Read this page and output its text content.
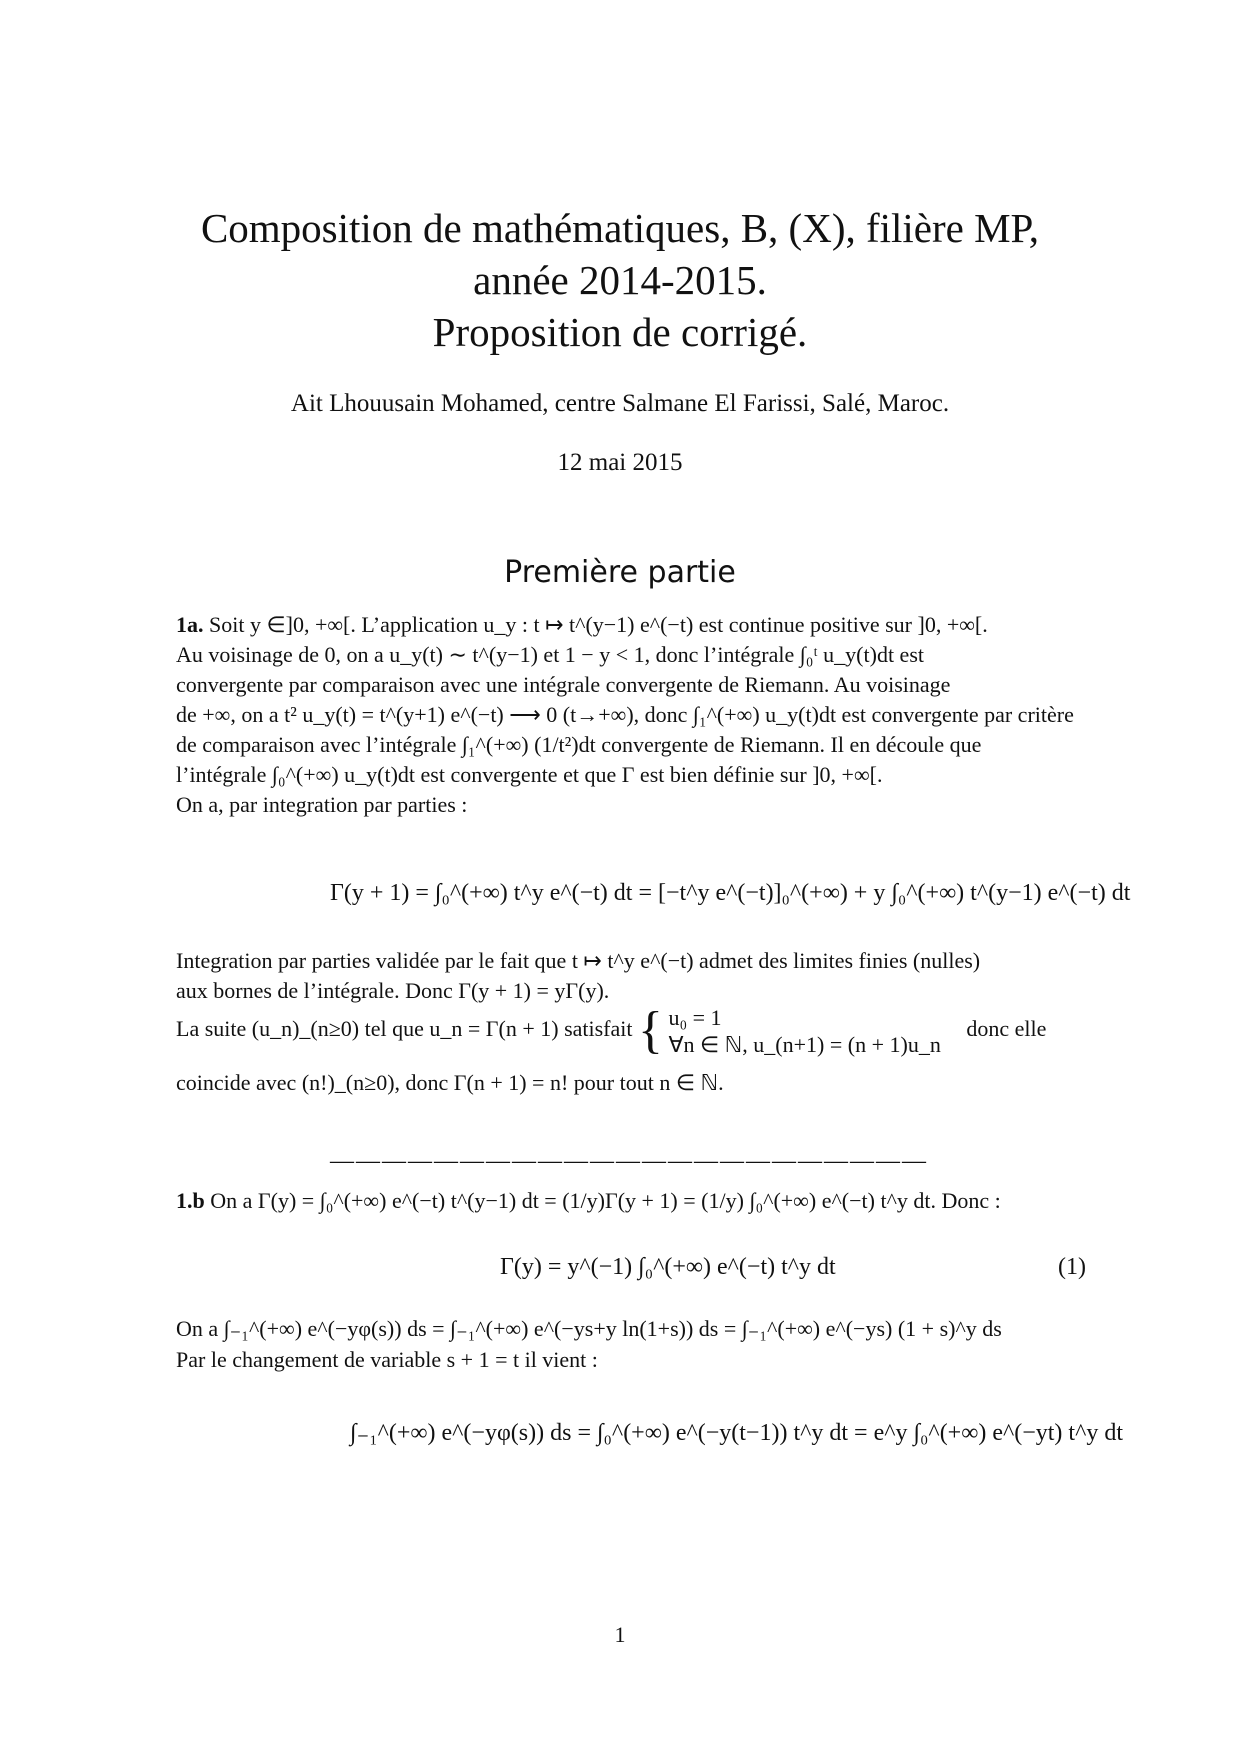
Composition de mathématiques, B, (X), filière MP,
année 2014-2015.
Proposition de corrigé.
Ait Lhouusain Mohamed, centre Salmane El Farissi, Salé, Maroc.
12 mai 2015
Première partie
1a. Soit y ∈]0, +∞[. L’application u_y : t ↦ t^(y−1) e^(−t) est continue positive sur ]0, +∞[.
Au voisinage de 0, on a u_y(t) ∼ t^(y−1) et 1 − y < 1, donc l’intégrale ∫₀ᵗ u_y(t)dt est
convergente par comparaison avec une intégrale convergente de Riemann. Au voisinage
de +∞, on a t² u_y(t) = t^(y+1) e^(−t) ⟶ 0 (t→+∞), donc ∫₁^(+∞) u_y(t)dt est convergente par critère
de comparaison avec l’intégrale ∫₁^(+∞) (1/t²)dt convergente de Riemann. Il en découle que
l’intégrale ∫₀^(+∞) u_y(t)dt est convergente et que Γ est bien définie sur ]0, +∞[.
On a, par integration par parties :
Γ(y + 1) = ∫₀^(+∞) t^y e^(−t) dt = [−t^y e^(−t)]₀^(+∞) + y ∫₀^(+∞) t^(y−1) e^(−t) dt
Integration par parties validée par le fait que t ↦ t^y e^(−t) admet des limites finies (nulles)
aux bornes de l’intégrale. Donc Γ(y + 1) = yΓ(y).
La suite (u_n)_(n≥0) tel que u_n = Γ(n + 1) satisfait { u₀ = 1
∀n ∈ ℕ, u_(n+1) = (n + 1)u_n
donc elle
coincide avec (n!)_(n≥0), donc Γ(n + 1) = n! pour tout n ∈ ℕ.
———————————————————————
1.b On a Γ(y) = ∫₀^(+∞) e^(−t) t^(y−1) dt = (1/y)Γ(y + 1) = (1/y) ∫₀^(+∞) e^(−t) t^y dt. Donc :
Γ(y) = y^(−1) ∫₀^(+∞) e^(−t) t^y dt	(1)
On a ∫₋₁^(+∞) e^(−yφ(s)) ds = ∫₋₁^(+∞) e^(−ys+y ln(1+s)) ds = ∫₋₁^(+∞) e^(−ys) (1 + s)^y ds
Par le changement de variable s + 1 = t il vient :
∫₋₁^(+∞) e^(−yφ(s)) ds = ∫₀^(+∞) e^(−y(t−1)) t^y dt = e^y ∫₀^(+∞) e^(−yt) t^y dt
1
